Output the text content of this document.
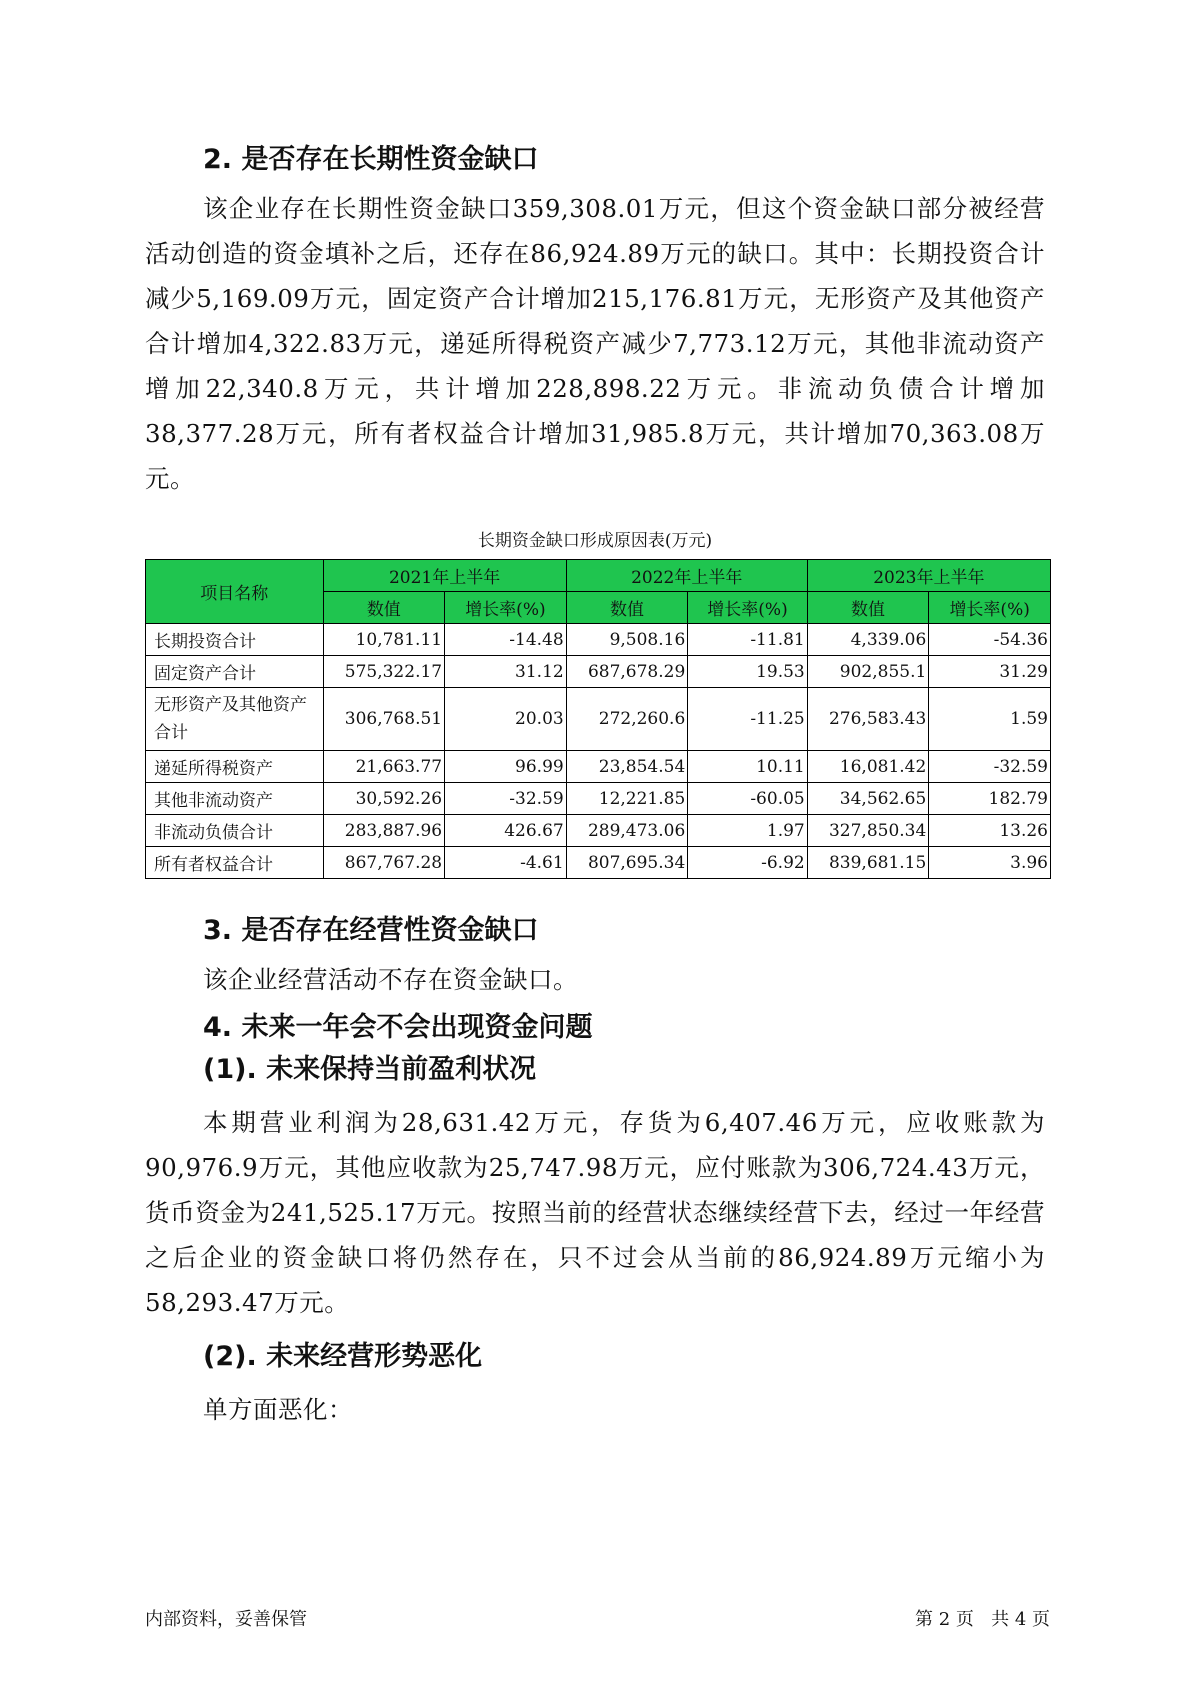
2. 是否存在长期性资金缺口

该企业存在长期性资金缺口359,308.01万元，但这个资金缺口部分被经营活动创造的资金填补之后，还存在86,924.89万元的缺口。其中：长期投资合计减少5,169.09万元，固定资产合计增加215,176.81万元，无形资产及其他资产合计增加4,322.83万元，递延所得税资产减少7,773.12万元，其他非流动资产增加22,340.8万元，共计增加228,898.22万元。非流动负债合计增加38,377.28万元，所有者权益合计增加31,985.8万元，共计增加70,363.08万元。

长期资金缺口形成原因表(万元)
项目名称	2021年上半年		2022年上半年		2023年上半年	
	数值	增长率(%)	数值	增长率(%)	数值	增长率(%)
长期投资合计	10,781.11	-14.48	9,508.16	-11.81	4,339.06	-54.36
固定资产合计	575,322.17	31.12	687,678.29	19.53	902,855.1	31.29
无形资产及其他资产合计	306,768.51	20.03	272,260.6	-11.25	276,583.43	1.59
递延所得税资产	21,663.77	96.99	23,854.54	10.11	16,081.42	-32.59
其他非流动资产	30,592.26	-32.59	12,221.85	-60.05	34,562.65	182.79
非流动负债合计	283,887.96	426.67	289,473.06	1.97	327,850.34	13.26
所有者权益合计	867,767.28	-4.61	807,695.34	-6.92	839,681.15	3.96
3. 是否存在经营性资金缺口

该企业经营活动不存在资金缺口。

4. 未来一年会不会出现资金问题
(1). 未来保持当前盈利状况

本期营业利润为28,631.42万元，存货为6,407.46万元，应收账款为90,976.9万元，其他应收款为25,747.98万元，应付账款为306,724.43万元，货币资金为241,525.17万元。按照当前的经营状态继续经营下去，经过一年经营之后企业的资金缺口将仍然存在，只不过会从当前的86,924.89万元缩小为58,293.47万元。

(2). 未来经营形势恶化

单方面恶化：

内部资料，妥善保管	第 2 页   共 4 页
